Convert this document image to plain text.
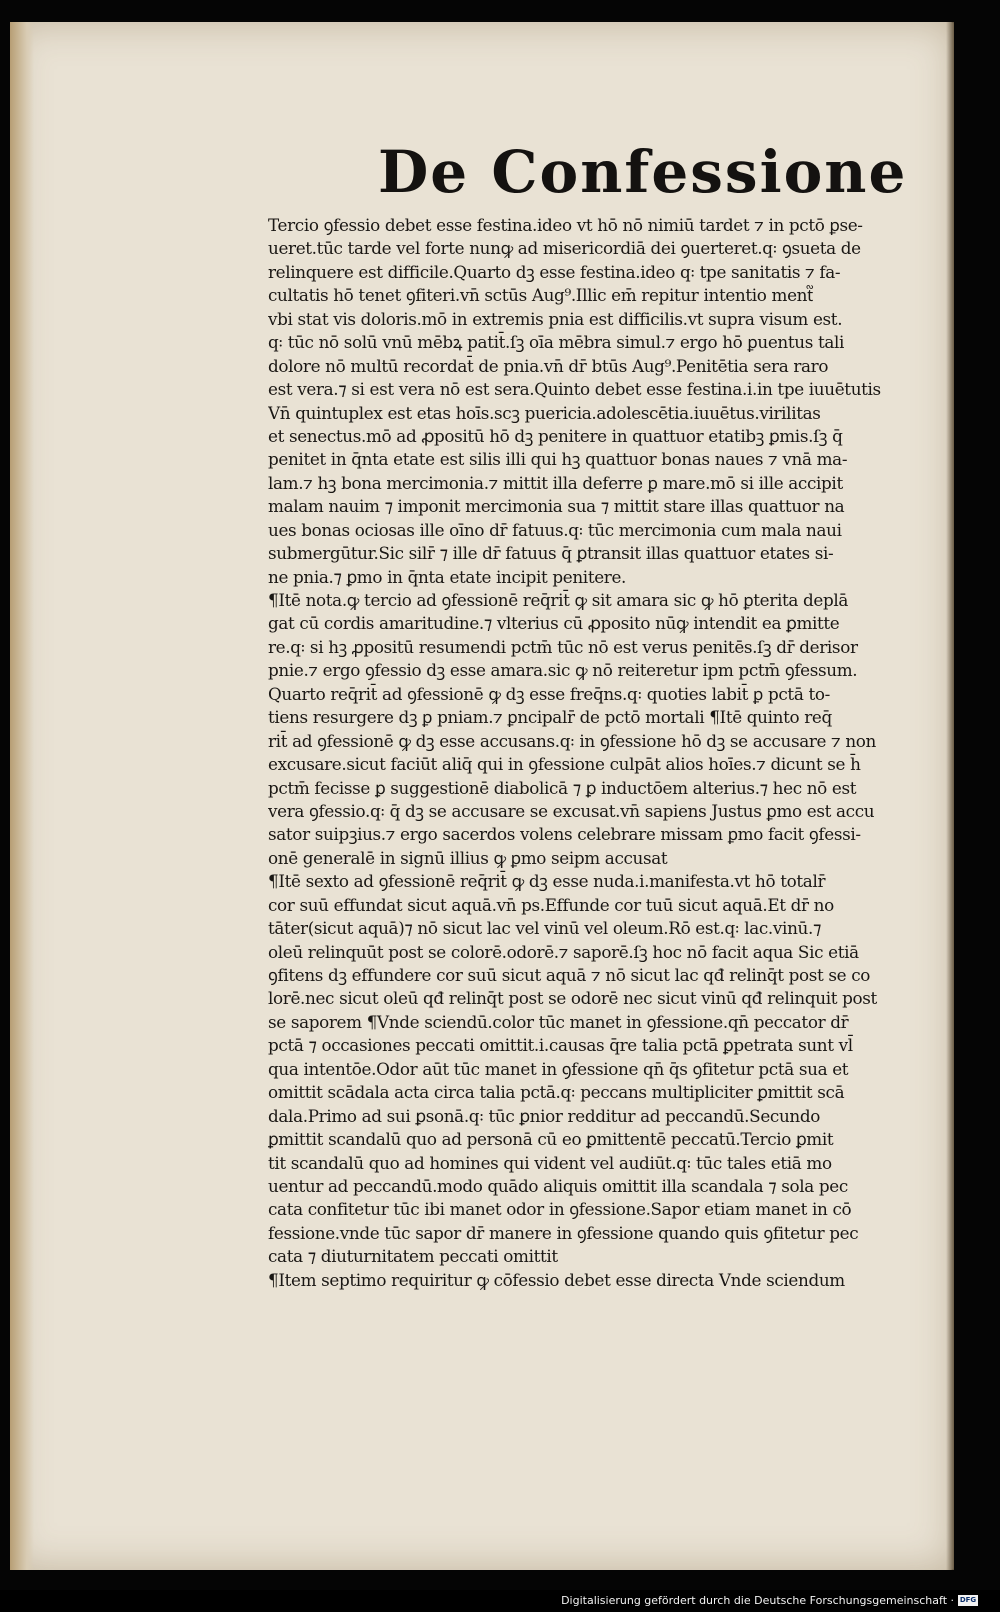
De Confessione
Tercio ꝯfessio debet esse festina.ideo vt hō nō nimiū tardet ⁊ in pctō ꝑse-
ueret.tūc tarde vel forte nunꝙ ad misericordiā dei ꝯuerteret.q꞉ ꝯsueta de
relinquere est difficile.Quarto dꝫ esse festina.ideo q꞉ tpe sanitatis ⁊ fa-
cultatis hō tenet ꝯfiteri.vn̄ sctūs Aug⁹.Illic em̄ repitur intentio ment᷑
vbi stat vis doloris.mō in extremis pnia est difficilis.vt supra visum est.
q꞉ tūc nō solū vnū mēbꝝ patit̄.ſꝫ oīa mēbra simul.⁊ ergo hō ꝑuentus tali
dolore nō multū recordat̄ de pnia.vn̄ dr̄ btūs Aug⁹.Penitētia sera raro
est vera.⁊ si est vera nō est sera.Quinto debet esse festina.i.in tpe iuuētutis
Vn̄ quintuplex est etas hoīs.scꝫ puericia.adolescētia.iuuētus.virilitas
et senectus.mō ad ꝓpositū hō dꝫ penitere in quattuor etatibꝫ ꝑmis.ſꝫ q̄
penitet in q̄nta etate est silis illi qui hꝫ quattuor bonas naues ⁊ vnā ma-
lam.⁊ hꝫ bona mercimonia.⁊ mittit illa deferre ꝑ mare.mō si ille accipit
malam nauim ⁊ imponit mercimonia sua ⁊ mittit stare illas quattuor na
ues bonas ociosas ille oīno dr̄ fatuus.q꞉ tūc mercimonia cum mala naui
submergūtur.Sic silr̄ ⁊ ille dr̄ fatuus q̄ ꝑtransit illas quattuor etates si-
ne pnia.⁊ ꝑmo in q̄nta etate incipit penitere.
¶Itē nota.ꝙ tercio ad ꝯfessionē req̄rit̄ ꝙ sit amara sic ꝙ hō ꝑterita deplā
gat cū cordis amaritudine.⁊ vlterius cū ꝓposito nūꝙ intendit ea ꝑmitte
re.q꞉ si hꝫ ꝓpositū resumendi pctm̄ tūc nō est verus penitēs.ſꝫ dr̄ derisor
pnie.⁊ ergo ꝯfessio dꝫ esse amara.sic ꝙ nō reiteretur ipm pctm̄ ꝯfessum.
Quarto req̄rit̄ ad ꝯfessionē ꝙ dꝫ esse freq̄ns.q꞉ quoties labit̄ ꝑ pctā to-
tiens resurgere dꝫ ꝑ pniam.⁊ ꝑncipalr̄ de pctō mortali ¶Itē quinto req̄
rit̄ ad ꝯfessionē ꝙ dꝫ esse accusans.q꞉ in ꝯfessione hō dꝫ se accusare ⁊ non
excusare.sicut faciūt aliq̄ qui in ꝯfessione culpāt alios hoīes.⁊ dicunt se h̄
pctm̄ fecisse ꝑ suggestionē diabolicā ⁊ ꝑ inductōem alterius.⁊ hec nō est
vera ꝯfessio.q꞉ q̄ dꝫ se accusare se excusat.vn̄ sapiens Justus ꝑmo est accu
sator suipꝫius.⁊ ergo sacerdos volens celebrare missam ꝑmo facit ꝯfessi-
onē generalē in signū illius ꝙ ꝑmo seipm accusat
¶Itē sexto ad ꝯfessionē req̄rit̄ ꝙ dꝫ esse nuda.i.manifesta.vt hō totalr̄
cor suū effundat sicut aquā.vn̄ ps.Effunde cor tuū sicut aquā.Et dr̄ no
tāter(sicut aquā)⁊ nō sicut lac vel vinū vel oleum.Rō est.q꞉ lac.vinū.⁊
oleū relinquūt post se colorē.odorē.⁊ saporē.ſꝫ hoc nō facit aqua Sic etiā
ꝯfitens dꝫ effundere cor suū sicut aquā ⁊ nō sicut lac qđ relinq̄t post se co
lorē.nec sicut oleū qđ relinq̄t post se odorē nec sicut vinū qđ relinquit post
se saporem ¶Vnde sciendū.color tūc manet in ꝯfessione.qn̄ peccator dr̄
pctā ⁊ occasiones peccati omittit.i.causas q̄re talia pctā ꝑpetrata sunt vl̄
qua intentōe.Odor aūt tūc manet in ꝯfessione qn̄ q̄s ꝯfitetur pctā sua et
omittit scādala acta circa talia pctā.q꞉ peccans multipliciter ꝑmittit scā
dala.Primo ad sui ꝑsonā.q꞉ tūc ꝑnior redditur ad peccandū.Secundo
ꝑmittit scandalū quo ad personā cū eo ꝑmittentē peccatū.Tercio ꝑmit
tit scandalū quo ad homines qui vident vel audiūt.q꞉ tūc tales etiā mo
uentur ad peccandū.modo quādo aliquis omittit illa scandala ⁊ sola pec
cata confitetur tūc ibi manet odor in ꝯfessione.Sapor etiam manet in cō
fessione.vnde tūc sapor dr̄ manere in ꝯfessione quando quis ꝯfitetur pec
cata ⁊ diuturnitatem peccati omittit
¶Item septimo requiritur ꝙ cōfessio debet esse directa Vnde sciendum
Digitalisierung gefördert durch die Deutsche Forschungsgemeinschaft · DFG
